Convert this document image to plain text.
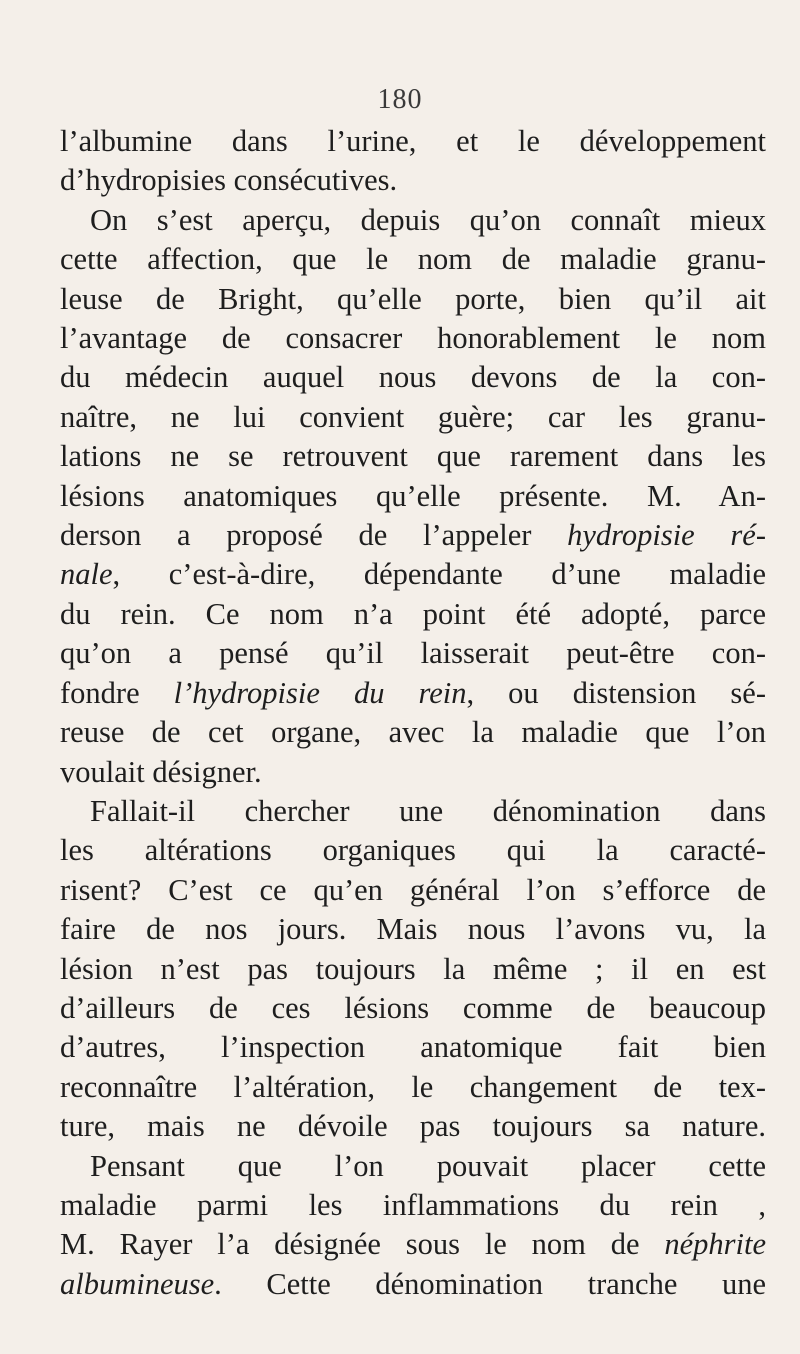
180
l’albumine dans l’urine, et le développement
d’hydropisies consécutives.
On s’est aperçu, depuis qu’on connaît mieux
cette affection, que le nom de maladie granu-
leuse de Bright, qu’elle porte, bien qu’il ait
l’avantage de consacrer honorablement le nom
du médecin auquel nous devons de la con-
naître, ne lui convient guère; car les granu-
lations ne se retrouvent que rarement dans les
lésions anatomiques qu’elle présente. M. An-
derson a proposé de l’appeler hydropisie ré-
nale, c’est-à-dire, dépendante d’une maladie
du rein. Ce nom n’a point été adopté, parce
qu’on a pensé qu’il laisserait peut-être con-
fondre l’hydropisie du rein, ou distension sé-
reuse de cet organe, avec la maladie que l’on
voulait désigner.
Fallait-il chercher une dénomination dans
les altérations organiques qui la caracté-
risent? C’est ce qu’en général l’on s’efforce de
faire de nos jours. Mais nous l’avons vu, la
lésion n’est pas toujours la même ; il en est
d’ailleurs de ces lésions comme de beaucoup
d’autres, l’inspection anatomique fait bien
reconnaître l’altération, le changement de tex-
ture, mais ne dévoile pas toujours sa nature.
Pensant que l’on pouvait placer cette
maladie parmi les inflammations du rein ,
M. Rayer l’a désignée sous le nom de néphrite
albumineuse. Cette dénomination tranche une
